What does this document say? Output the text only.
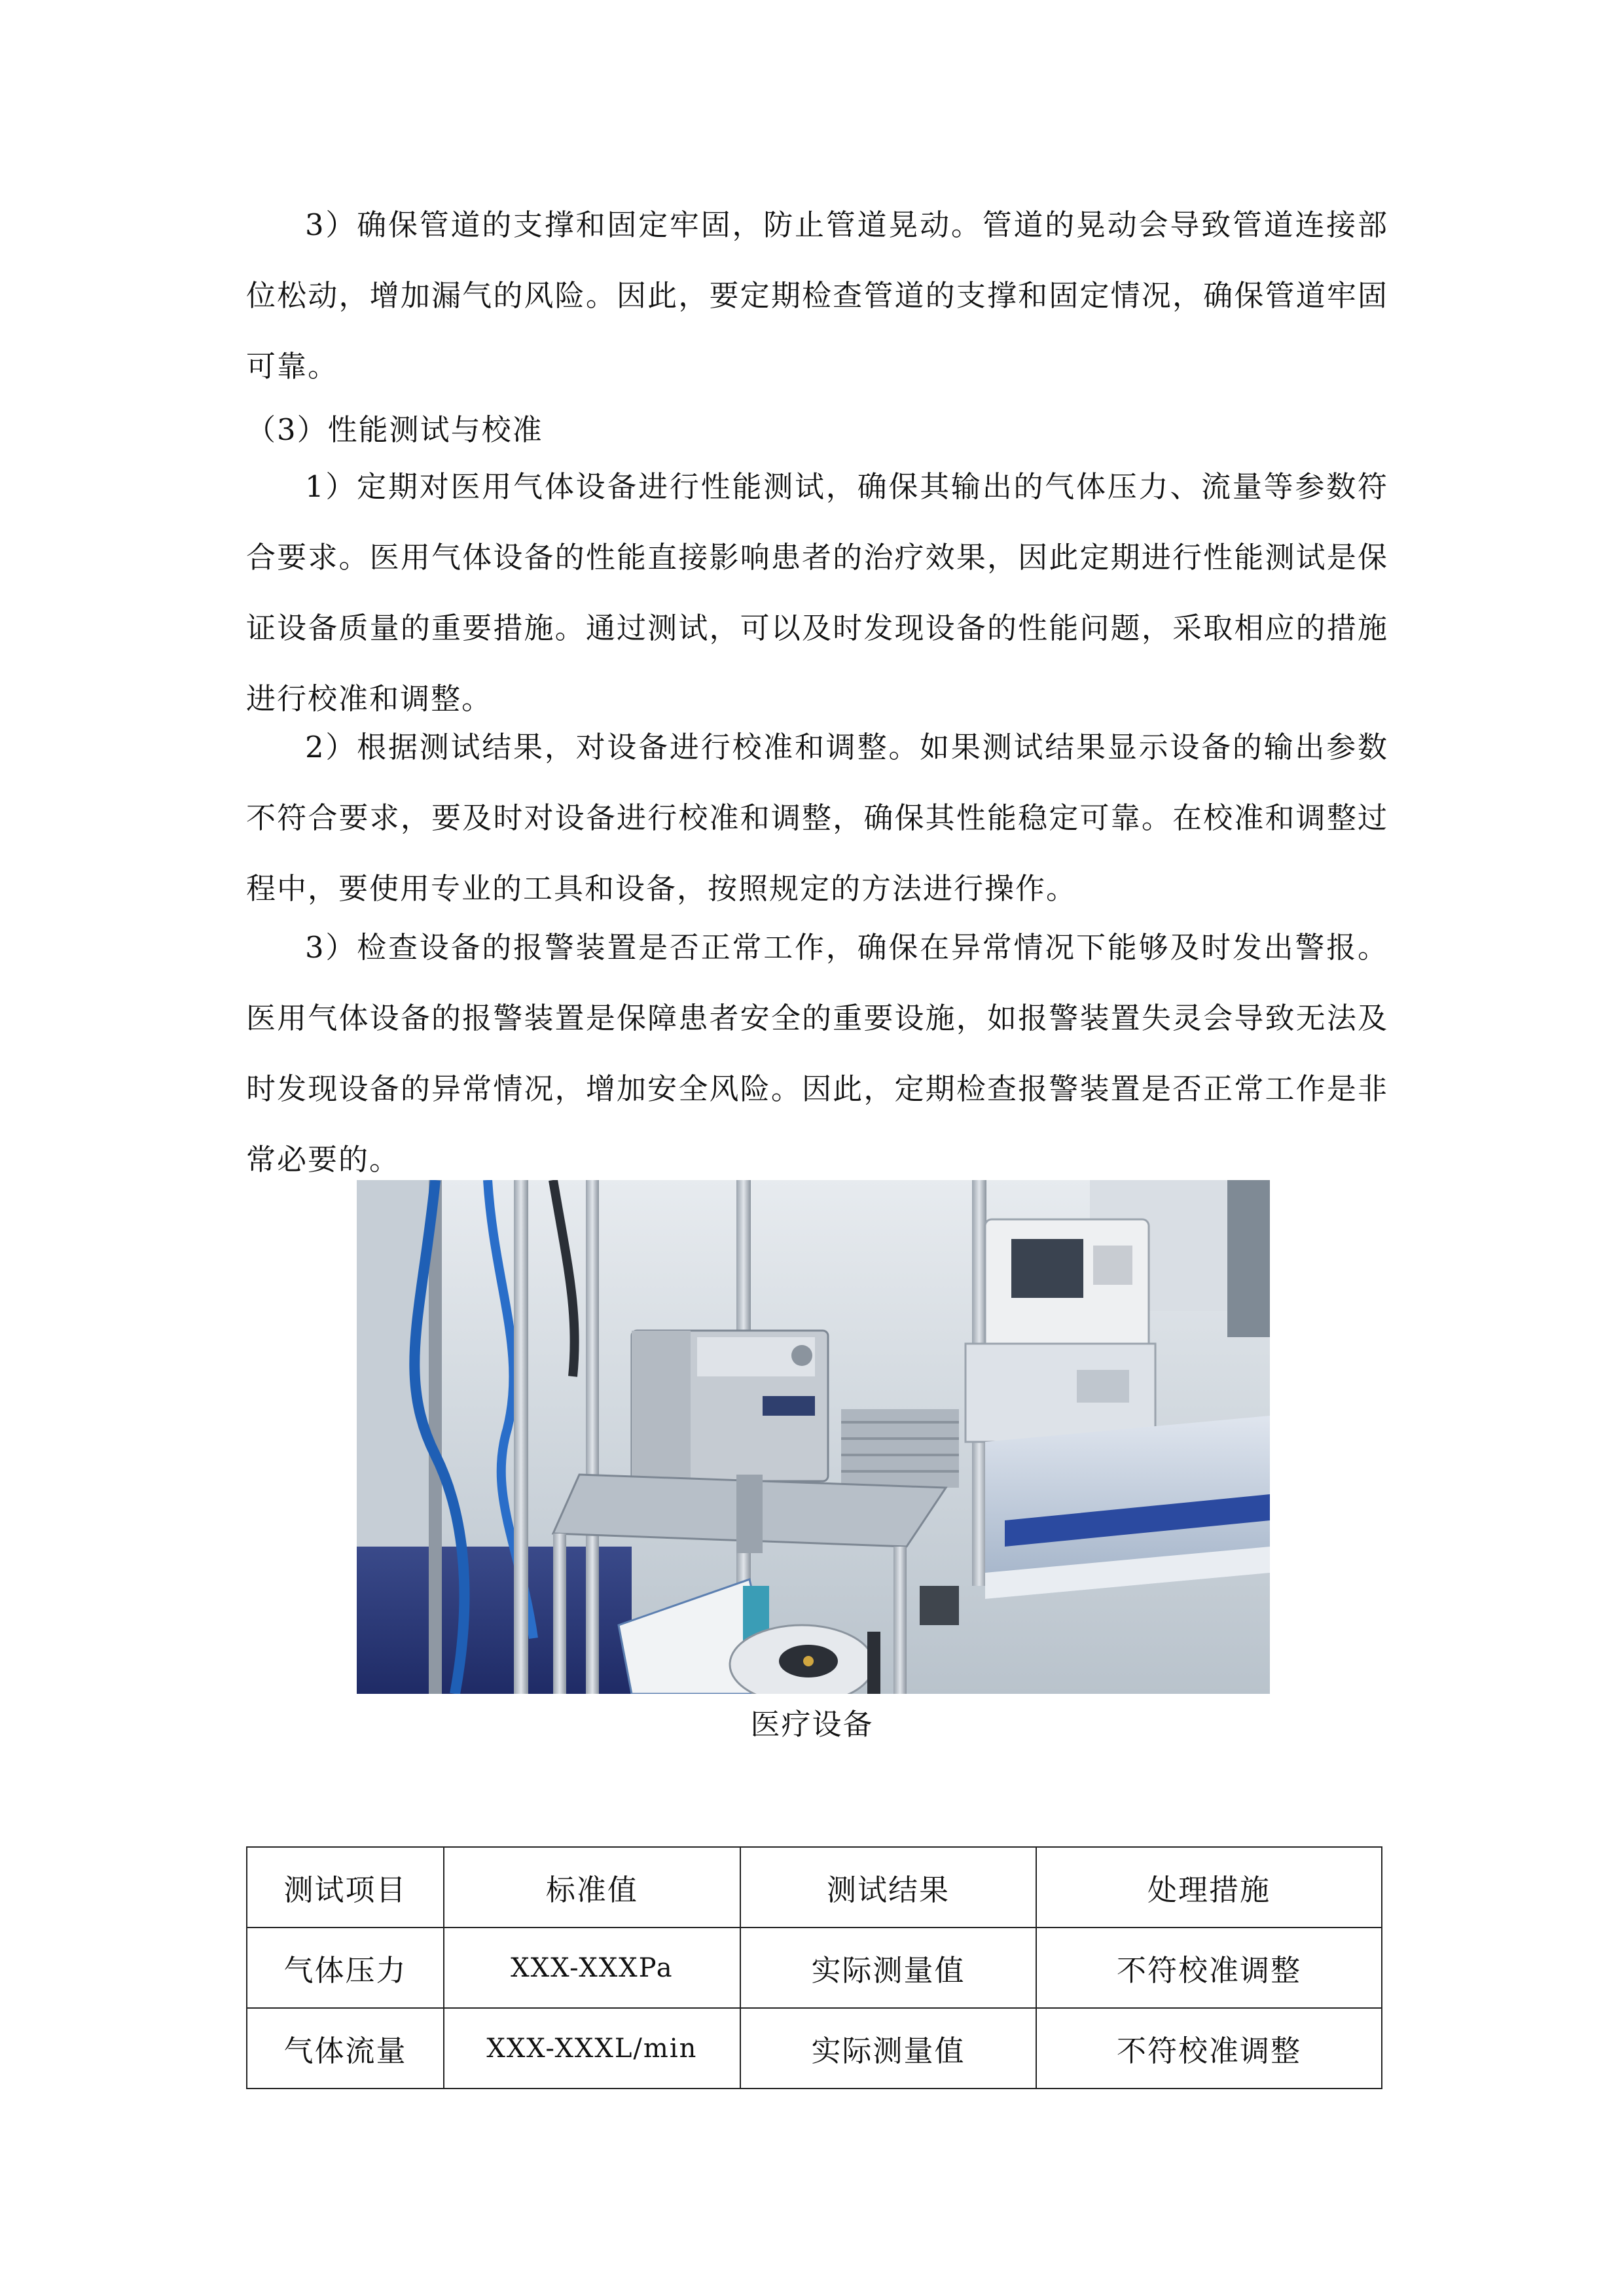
3）确保管道的支撑和固定牢固，防止管道晃动。管道的晃动会导致管道连接部位松动，增加漏气的风险。因此，要定期检查管道的支撑和固定情况，确保管道牢固可靠。

（3）性能测试与校准

1）定期对医用气体设备进行性能测试，确保其输出的气体压力、流量等参数符合要求。医用气体设备的性能直接影响患者的治疗效果，因此定期进行性能测试是保证设备质量的重要措施。通过测试，可以及时发现设备的性能问题，采取相应的措施进行校准和调整。

2）根据测试结果，对设备进行校准和调整。如果测试结果显示设备的输出参数不符合要求，要及时对设备进行校准和调整，确保其性能稳定可靠。在校准和调整过程中，要使用专业的工具和设备，按照规定的方法进行操作。

3）检查设备的报警装置是否正常工作，确保在异常情况下能够及时发出警报。医用气体设备的报警装置是保障患者安全的重要设施，如报警装置失灵会导致无法及时发现设备的异常情况，增加安全风险。因此，定期检查报警装置是否正常工作是非常必要的。

医疗设备
测试项目	标准值	测试结果	处理措施
气体压力	XXX-XXXPa	实际测量值	不符校准调整
气体流量	XXX-XXXL/min	实际测量值	不符校准调整
